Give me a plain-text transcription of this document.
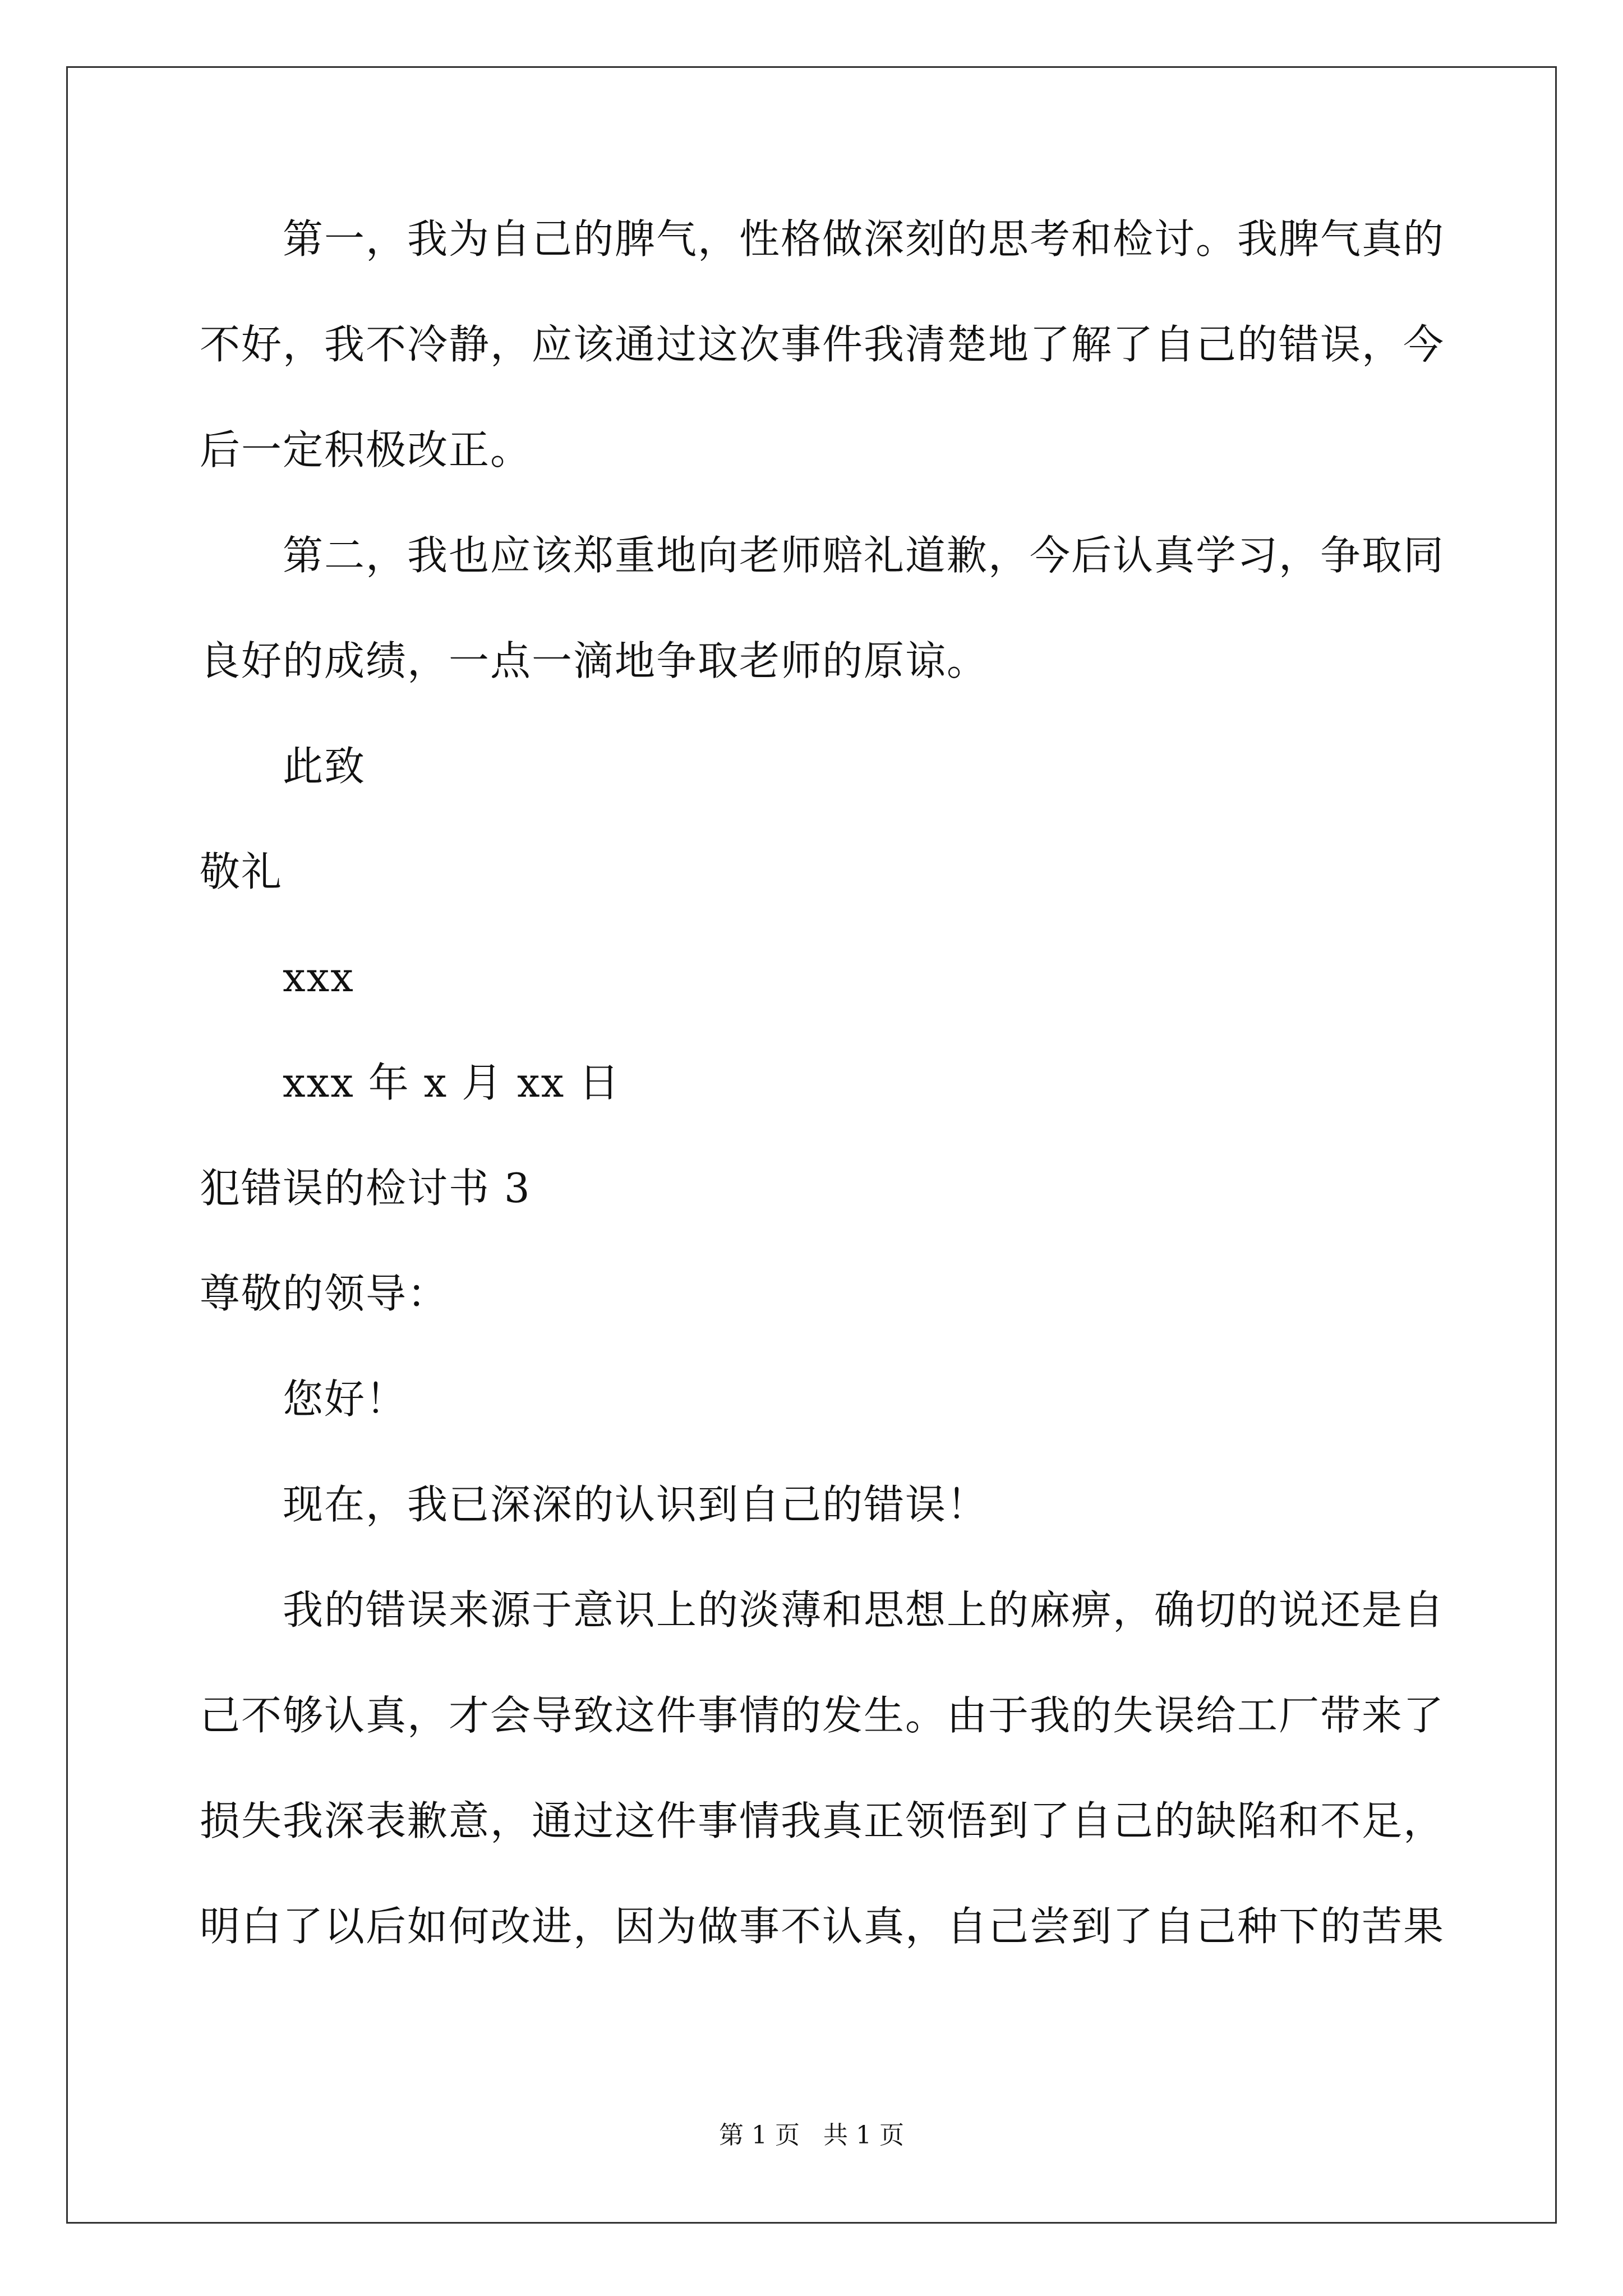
第一，我为自己的脾气，性格做深刻的思考和检讨。我脾气真的
不好，我不冷静，应该通过这次事件我清楚地了解了自己的错误，今
后一定积极改正。
第二，我也应该郑重地向老师赔礼道歉，今后认真学习，争取同
良好的成绩，一点一滴地争取老师的原谅。
此致
敬礼
xxx
xxx 年 x 月 xx 日
犯错误的检讨书 3
尊敬的领导：
您好！
现在，我已深深的认识到自己的错误！
我的错误来源于意识上的淡薄和思想上的麻痹，确切的说还是自
己不够认真，才会导致这件事情的发生。由于我的失误给工厂带来了
损失我深表歉意，通过这件事情我真正领悟到了自己的缺陷和不足，
明白了以后如何改进，因为做事不认真，自己尝到了自己种下的苦果
第 1 页   共 1 页
